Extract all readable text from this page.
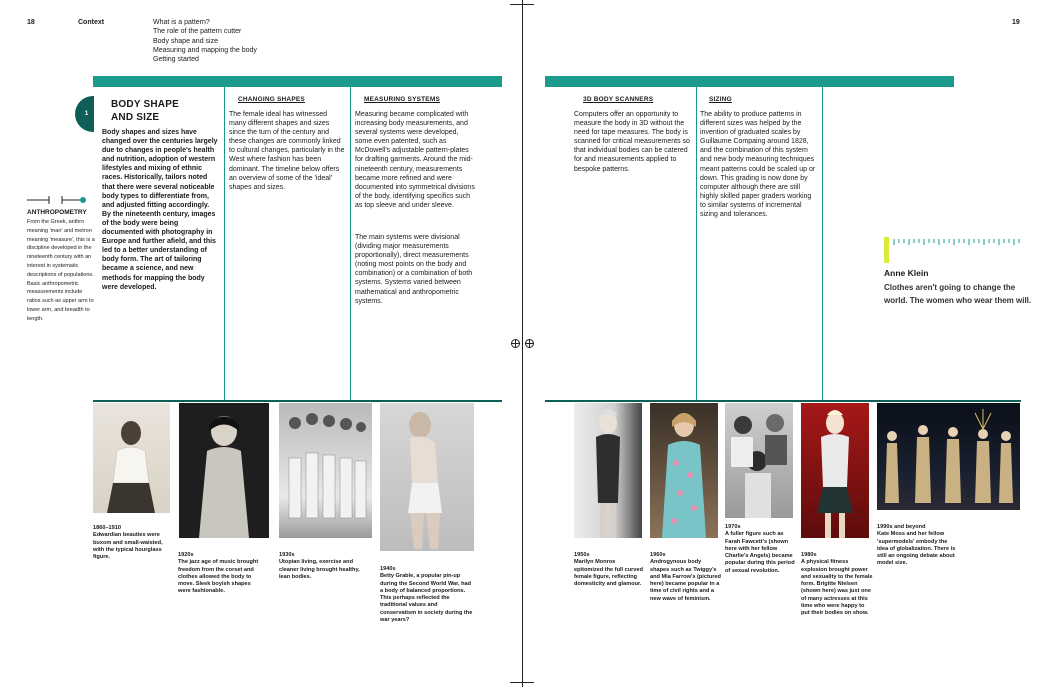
18	Context	What is a pattern?
The role of the pattern cutter
Body shape and size
Measuring and mapping the body
Getting started
1
BODY SHAPE
AND SIZE
Body shapes and sizes have changed over the centuries largely due to changes in people's health and nutrition, adoption of western lifestyles and mixing of ethnic races. Historically, tailors noted that there were several noticeable body types to differentiate from, and adjusted fitting accordingly. By the nineteenth century, images of the body were being documented with photography in Europe and further afield, and this led to a better understanding of body form. The art of tailoring became a science, and new methods for mapping the body were developed.
ANTHROPOMETRY
From the Greek, anthro meaning 'man' and metron meaning 'measure', this is a discipline developed in the nineteenth century with an interest in systematic descriptions of populations. Basic anthropometric measurements include ratios such as upper arm to lower arm, and breadth to length.
CHANGING SHAPES
The female ideal has witnessed many different shapes and sizes since the turn of the century and these changes are commonly linked to cultural changes, particularly in the West where fashion has been dominant. The timeline below offers an overview of some of the 'ideal' shapes and sizes.
MEASURING SYSTEMS
Measuring became complicated with increasing body measurements, and several systems were developed, some even patented, such as McDowell's adjustable pattern-plates for drafting garments. Around the mid-nineteenth century, measurements became more refined and were documented into symmetrical divisions of the body, identifying specifics such as top sleeve and under sleeve.
The main systems were divisional (dividing major measurements proportionally), direct measurements (noting most points on the body and combination) or a combination of both systems. Systems varied between mathematical and anthropometric systems.
1860–1910
Edwardian beauties were buxom and small-waisted, with the typical hourglass figure.	1920s
The jazz age of music brought freedom from the corset and clothes allowed the body to move. Sleek boyish shapes were fashionable.
1930s
Utopian living, exercise and cleaner living brought healthy, lean bodies.
1940s
Betty Grable, a popular pin-up during the Second World War, had a body of balanced proportions. This perhaps reflected the traditional values and conservatism in society during the war years?
19
3D BODY SCANNERS
Computers offer an opportunity to measure the body in 3D without the need for tape measures. The body is scanned for critical measurements so that individual bodies can be catered for and measurements applied to bespoke patterns.
SIZING
The ability to produce patterns in different sizes was helped by the invention of graduated scales by Guillaume Compaing around 1828, and the combination of this system and new body measuring techniques meant patterns could be scaled up or down. This grading is now done by computer although there are still highly skilled paper graders working to similar systems of incremental sizing and tolerances.
Anne Klein
Clothes aren't going to change the world. The women who wear them will.
1950s
Marilyn Monroe epitomized the full curved female figure, reflecting domesticity and glamour.
1960s
Androgynous body shapes such as Twiggy's and Mia Farrow's (pictured here) became popular in a time of civil rights and a new wave of feminism.
1970s
A fuller figure such as Farah Fawcett's (shown here with her fellow Charlie's Angels) became popular during this period of sexual revolution.
1980s
A physical fitness explosion brought power and sexuality to the female form. Brigitte Nielsen (shown here) was just one of many actresses at this time who were happy to put their bodies on show.
1990s and beyond
Kate Moss and her fellow 'supermodels' embody the idea of globalization. There is still an ongoing debate about model size.
